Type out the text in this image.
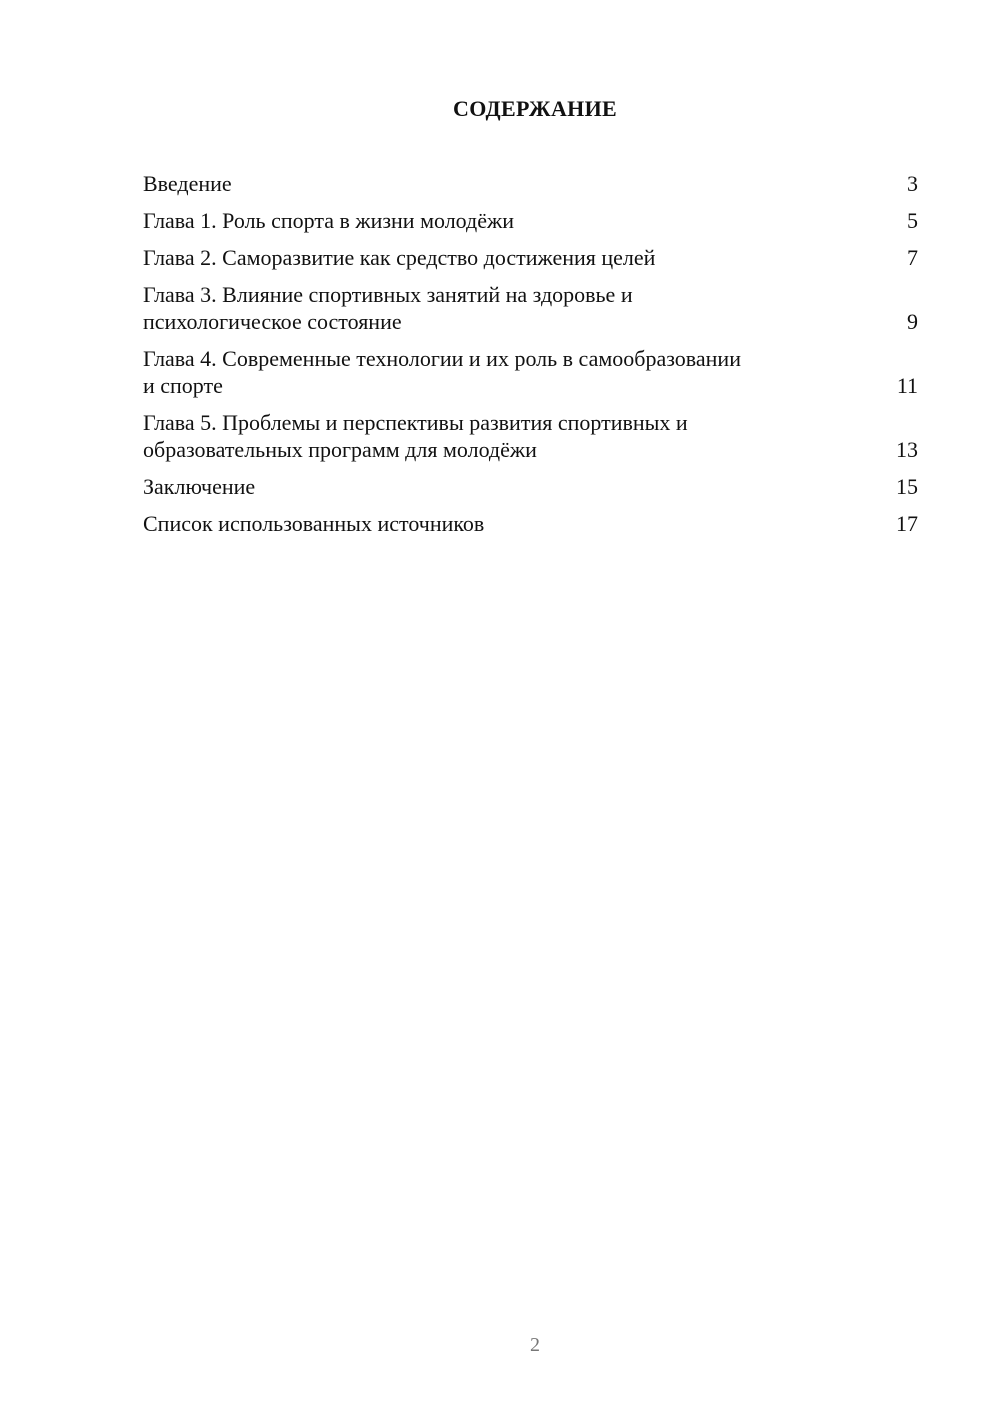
СОДЕРЖАНИЕ
Введение	3
Глава 1. Роль спорта в жизни молодёжи	5
Глава 2. Саморазвитие как средство достижения целей	7
Глава 3. Влияние спортивных занятий на здоровье и
психологическое состояние	9
Глава 4. Современные технологии и их роль в самообразовании
и спорте	11
Глава 5. Проблемы и перспективы развития спортивных и
образовательных программ для молодёжи	13
Заключение	15
Список использованных источников	17
2
